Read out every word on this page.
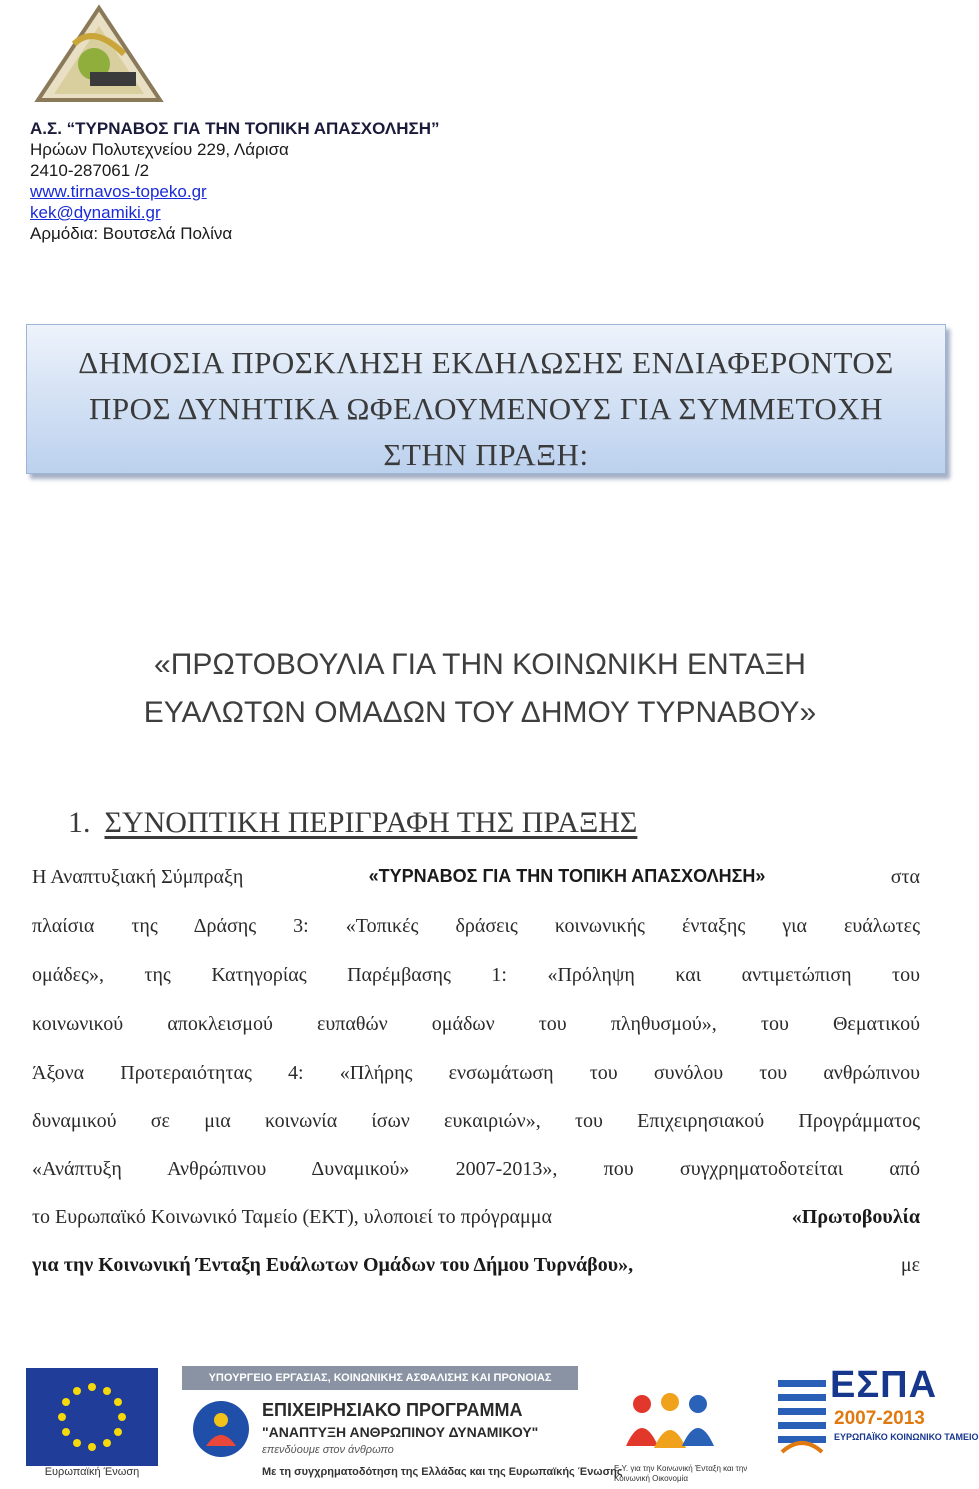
Α.Σ. “ΤΥΡΝΑΒΟΣ ΓΙΑ ΤΗΝ ΤΟΠΙΚΗ ΑΠΑΣΧΟΛΗΣΗ”
Ηρώων Πολυτεχνείου 229, Λάρισα
2410-287061 /2
www.tirnavos-topeko.gr
kek@dynamiki.gr
Αρμόδια: Βουτσελά Πολίνα
ΔΗΜΟΣΙΑ ΠΡΟΣΚΛΗΣΗ ΕΚΔΗΛΩΣΗΣ ΕΝΔΙΑΦΕΡΟΝΤΟΣ
ΠΡΟΣ ΔΥΝΗΤΙΚΑ ΩΦΕΛΟΥΜΕΝΟΥΣ ΓΙΑ ΣΥΜΜΕΤΟΧΗ
ΣΤΗΝ ΠΡΑΞΗ:
«ΠΡΩΤΟΒΟΥΛΙΑ ΓΙΑ ΤΗΝ ΚΟΙΝΩΝΙΚΗ ΕΝΤΑΞΗ
ΕΥΑΛΩΤΩΝ ΟΜΑΔΩΝ ΤΟΥ ΔΗΜΟΥ ΤΥΡΝΑΒΟΥ»
1. ΣΥΝΟΠΤΙΚΗ ΠΕΡΙΓΡΑΦΗ ΤΗΣ ΠΡΑΞΗΣ
Η Αναπτυξιακή Σύμπραξη	«ΤΥΡΝΑΒΟΣ ΓΙΑ ΤΗΝ ΤΟΠΙΚΗ ΑΠΑΣΧΟΛΗΣΗ»	στα
πλαίσια της Δράσης 3: «Τοπικές δράσεις κοινωνικής ένταξης για ευάλωτες
ομάδες», της Κατηγορίας Παρέμβασης 1: «Πρόληψη και αντιμετώπιση του
κοινωνικού αποκλεισμού ευπαθών ομάδων του πληθυσμού», του Θεματικού
Άξονα Προτεραιότητας 4: «Πλήρης ενσωμάτωση του συνόλου του ανθρώπινου
δυναμικού σε μια κοινωνία ίσων ευκαιριών», του Επιχειρησιακού Προγράμματος
«Ανάπτυξη Ανθρώπινου Δυναμικού» 2007-2013», που συγχρηματοδοτείται από
το Ευρωπαϊκό Κοινωνικό Ταμείο (ΕΚΤ), υλοποιεί το πρόγραμμα	«Πρωτοβουλία
για την Κοινωνική Ένταξη Ευάλωτων Ομάδων του Δήμου Τυρνάβου»,	με
Ευρωπαϊκή Ένωση
ΥΠΟΥΡΓΕΙΟ ΕΡΓΑΣΙΑΣ, ΚΟΙΝΩΝΙΚΗΣ ΑΣΦΑΛΙΣΗΣ ΚΑΙ ΠΡΟΝΟΙΑΣ
ΕΠΙΧΕΙΡΗΣΙΑΚΟ ΠΡΟΓΡΑΜΜΑ
"ΑΝΑΠΤΥΞΗ ΑΝΘΡΩΠΙΝΟΥ ΔΥΝΑΜΙΚΟΥ"
επενδύουμε στον άνθρωπο
Με τη συγχρηματοδότηση της Ελλάδας και της Ευρωπαϊκής Ένωσης
Ε.Υ. για την Κοινωνική Ένταξη και την Κοινωνική Οικονομία
ΕΣΠΑ
2007-2013
ΕΥΡΩΠΑΪΚΟ ΚΟΙΝΩΝΙΚΟ ΤΑΜΕΙΟ
